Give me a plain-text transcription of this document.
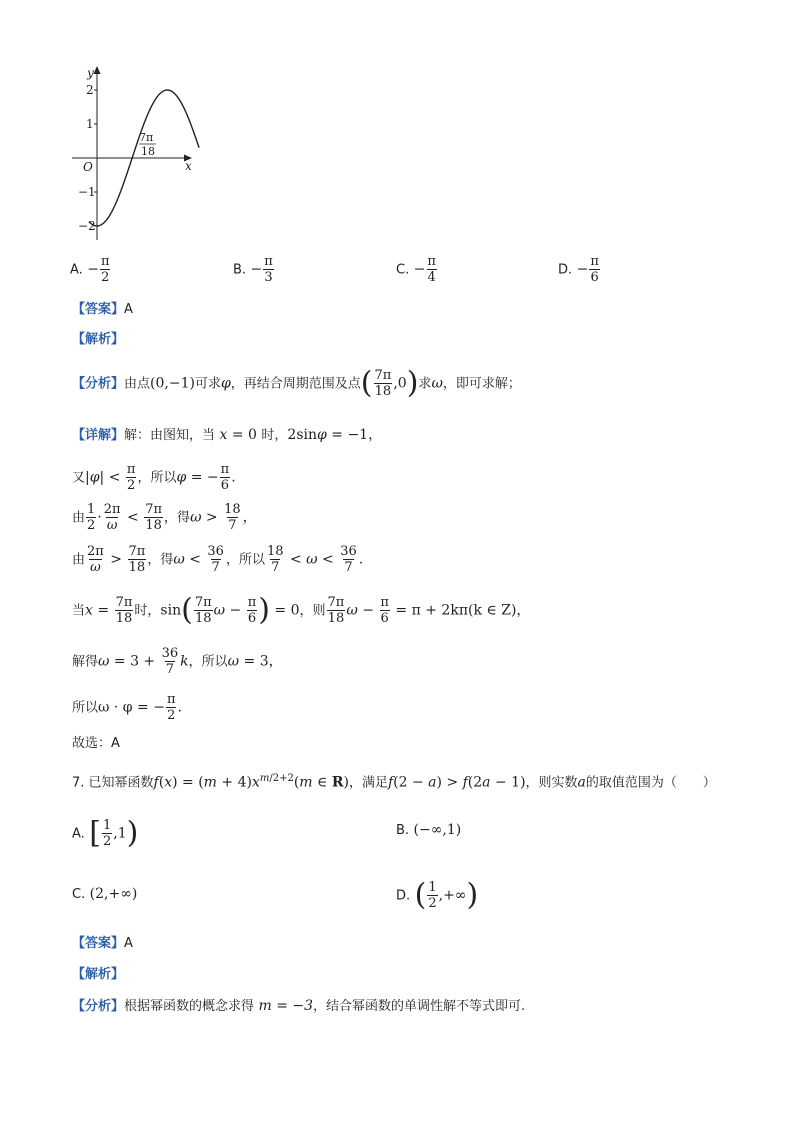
y
x
O
2
1
−1
−2
7π
18
A. − $\frac{\pi}{2}$	B. − $\frac{\pi}{3}$	C. − $\frac{\pi}{4}$	D. − $\frac{\pi}{6}$
【答案】A
【解析】
【分析】由点(0,−1)可求φ，再结合周期范围及点( $\frac{7\pi}{18} ,0$)求ω，即可求解；
【详解】解：由图知，当 x = 0 时，2sinφ = −1，
又$|\varphi| < \frac{\pi}{2}$ ，所以φ = − $\frac{\pi}{6}$ .
由 $\frac{1}{2} \cdot \frac{2\pi}{\omega} < \frac{7\pi}{18}$ ，得$\omega > \frac{18}{7}$ ，
由 $\frac{2\pi}{\omega} > \frac{7\pi}{18}$ ，得$\omega < \frac{36}{7}$ ，所以 $\frac{18}{7} < \omega < \frac{36}{7}$ .
当$x = \frac{7\pi}{18}$ 时，$\sin( \frac{7\pi}{18}$ $\omega - \frac{\pi}{6}$ ) = 0，则 $\frac{7\pi}{18}$ $\omega - \frac{\pi}{6} = \pi + 2k\pi(k$ ∈ Z)，
解得$\omega = 3 + \frac{36}{7}$ k，所以ω = 3，
所以ω · φ = − $\frac{\pi}{2}$ .
故选：A
7. 已知幂函数$f(x) = (m + 4)x^{m/2+2}(m$ ∈ R)，满足f(2 − a) > f(2a − 1)，则实数a的取值范围为（　　）
A. [ $\frac{1}{2} ,1$)	B. (−∞,1)
C. (2,+∞)	D. ( $\frac{1}{2}$ ,+∞)
【答案】A
【解析】
【分析】根据幂函数的概念求得 m = −3，结合幂函数的单调性解不等式即可.
